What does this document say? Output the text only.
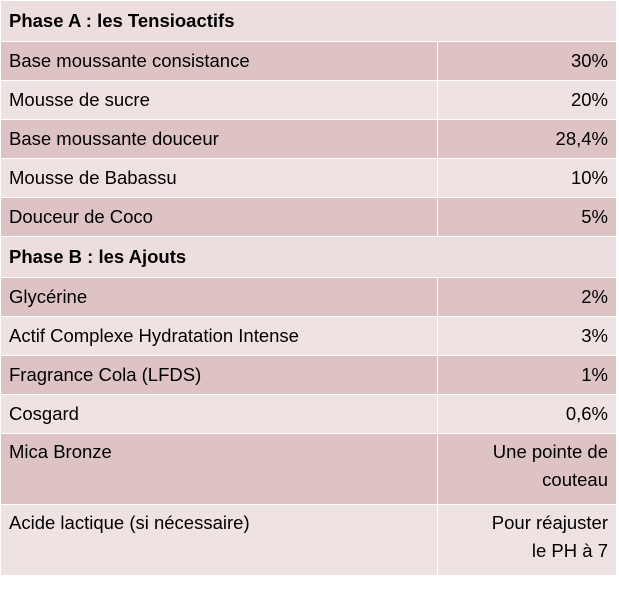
Phase A : les Tensioactifs	
Base moussante consistance	30%
Mousse de sucre	20%
Base moussante douceur	28,4%
Mousse de Babassu	10%
Douceur de Coco	5%
Phase B : les Ajouts	
Glycérine	2%
Actif Complexe Hydratation Intense	3%
Fragrance Cola (LFDS)	1%
Cosgard	0,6%
Mica Bronze	Une pointe de
couteau
Acide lactique (si nécessaire)	Pour réajuster
le PH à 7
